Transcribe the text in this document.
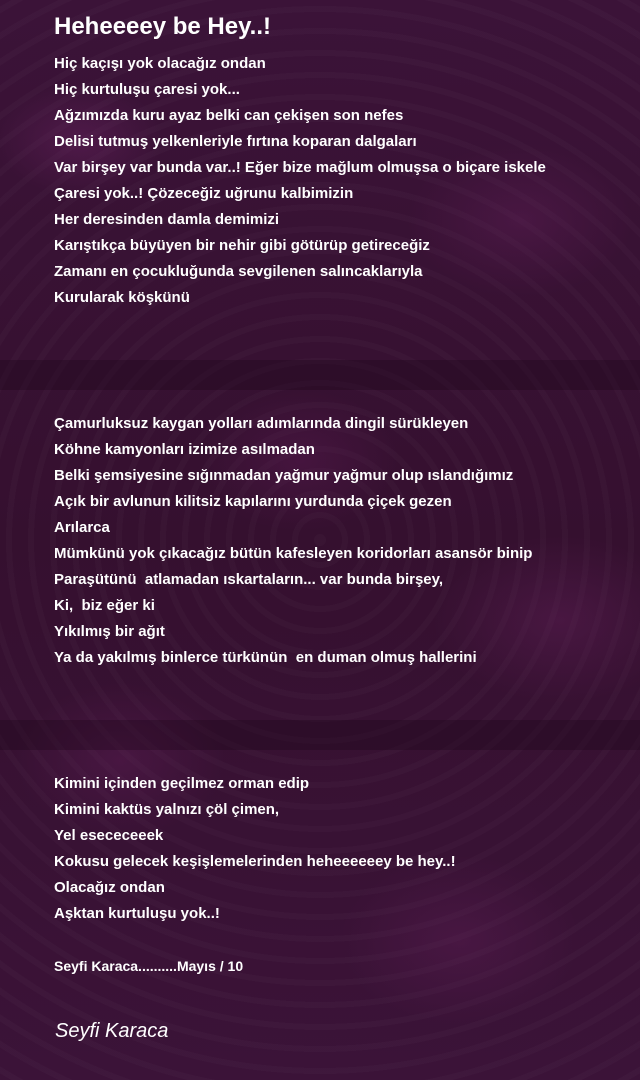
Heheeeey be Hey..!
Hiç kaçışı yok olacağız ondan
Hiç kurtuluşu çaresi yok...
Ağzımızda kuru ayaz belki can çekişen son nefes
Delisi tutmuş yelkenleriyle fırtına koparan dalgaları
Var birşey var bunda var..! Eğer bize mağlum olmuşsa o biçare iskele
Çaresi yok..! Çözeceğiz uğrunu kalbimizin
Her deresinden damla demimizi
Karıştıkça büyüyen bir nehir gibi götürüp getireceğiz
Zamanı en çocukluğunda sevgilenen salıncaklarıyla
Kurularak köşkünü
Çamurluksuz kaygan yolları adımlarında dingil sürükleyen
Köhne kamyonları izimize asılmadan
Belki şemsiyesine sığınmadan yağmur yağmur olup ıslandığımız
Açık bir avlunun kilitsiz kapılarını yurdunda çiçek gezen
Arılarca
Mümkünü yok çıkacağız bütün kafesleyen koridorları asansör binip
Paraşütünü  atlamadan ıskartaların... var bunda birşey,
Ki,  biz eğer ki
Yıkılmış bir ağıt
Ya da yakılmış binlerce türkünün  en duman olmuş hallerini
Kimini içinden geçilmez orman edip
Kimini kaktüs yalnızı çöl çimen,
Yel esececeeek
Kokusu gelecek keşişlemelerinden heheeeeeey be hey..!
Olacağız ondan
Aşktan kurtuluşu yok..!
Seyfi Karaca..........Mayıs / 10
Seyfi Karaca
